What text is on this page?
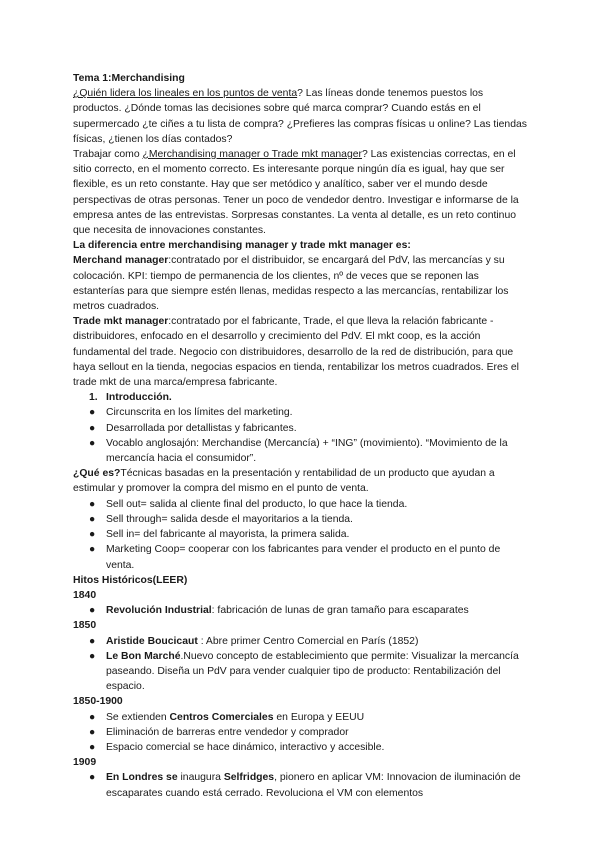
Tema 1:Merchandising

¿Quién lidera los lineales en los puntos de venta? Las líneas donde tenemos puestos los productos. ¿Dónde tomas las decisiones sobre qué marca comprar? Cuando estás en el supermercado ¿te ciñes a tu lista de compra? ¿Prefieres las compras físicas u online? Las tiendas físicas, ¿tienen los días contados?

Trabajar como ¿Merchandising manager o Trade mkt manager? Las existencias correctas, en el sitio correcto, en el momento correcto. Es interesante porque ningún día es igual, hay que ser flexible, es un reto constante. Hay que ser metódico y analítico, saber ver el mundo desde perspectivas de otras personas. Tener un poco de vendedor dentro. Investigar e informarse de la empresa antes de las entrevistas. Sorpresas constantes. La venta al detalle, es un reto continuo que necesita de innovaciones constantes.

La diferencia entre merchandising manager y trade mkt manager es:

Merchand manager:contratado por el distribuidor, se encargará del PdV, las mercancías y su colocación. KPI: tiempo de permanencia de los clientes, nº de veces que se reponen las estanterías para que siempre estén llenas, medidas respecto a las mercancías, rentabilizar los metros cuadrados.

Trade mkt manager:contratado por el fabricante, Trade, el que lleva la relación fabricante - distribuidores, enfocado en el desarrollo y crecimiento del PdV. El mkt coop, es la acción fundamental del trade. Negocio con distribuidores, desarrollo de la red de distribución, para que haya sellout en la tienda, negocias espacios en tienda, rentabilizar los metros cuadrados. Eres el trade mkt de una marca/empresa fabricante.

1. Introducción.
● Circunscrita en los límites del marketing.
● Desarrollada por detallistas y fabricantes.
● Vocablo anglosajón: Merchandise (Mercancía) + “ING” (movimiento). “Movimiento de la mercancía hacia el consumidor”.

¿Qué es?Técnicas basadas en la presentación y rentabilidad de un producto que ayudan a estimular y promover la compra del mismo en el punto de venta.

● Sell out= salida al cliente final del producto, lo que hace la tienda.
● Sell through= salida desde el mayoritarios a la tienda.
● Sell in= del fabricante al mayorista, la primera salida.
● Marketing Coop= cooperar con los fabricantes para vender el producto en el punto de venta.

Hitos Históricos(LEER)

1840

● Revolución Industrial: fabricación de lunas de gran tamaño para escaparates

1850

● Aristide Boucicaut : Abre primer Centro Comercial en París (1852)
● Le Bon Marché.Nuevo concepto de establecimiento que permite: Visualizar la mercancía paseando. Diseña un PdV para vender cualquier tipo de producto: Rentabilización del espacio.

1850-1900

● Se extienden Centros Comerciales en Europa y EEUU
● Eliminación de barreras entre vendedor y comprador
● Espacio comercial se hace dinámico, interactivo y accesible.

1909

● En Londres se inaugura Selfridges, pionero en aplicar VM: Innovacion de iluminación de escaparates cuando está cerrado. Revoluciona el VM con elementos
